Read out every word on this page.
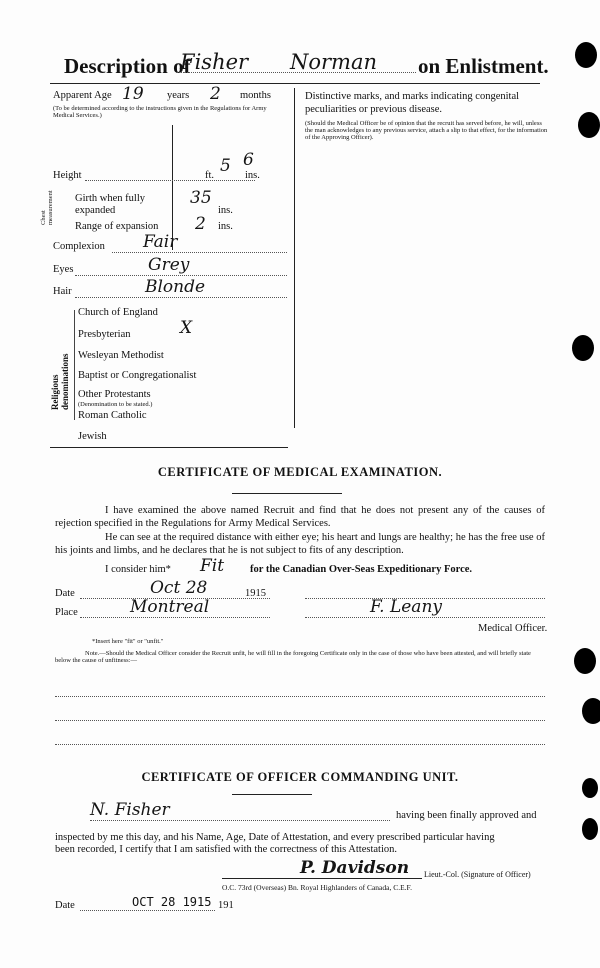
Description of
Fisher Norman on Enlistment.
Apparent Age 19 years 2 months
(To be determined according to the instructions given in the Regulations for Army Medical Services.)
Distinctive marks, and marks indicating congenital peculiarities or previous disease.
(Should the Medical Officer be of opinion that the recruit has served before, he will, unless the man acknowledges to any previous service, attach a slip to that effect, for the information of the Approving Officer).
Height	5
ft.
6
ins.
Chest measurement Girth when fully expanded
35
ins.
Range of expansion 2 ins.
Complexion Fair
Eyes	Grey
Hair	Blonde
Religious denominations
Church of England
Presbyterian	X
Wesleyan Methodist
Baptist or Congregationalist
Other Protestants
(Denomination to be stated.)
Roman Catholic
Jewish
CERTIFICATE OF MEDICAL EXAMINATION.
I have examined the above named Recruit and find that he does not present any of the causes of rejection specified in the Regulations for Army Medical Services.
He can see at the required distance with either eye; his heart and lungs are healthy; he has the free use of his joints and limbs, and he declares that he is not subject to fits of any description.
I consider him* Fit for the Canadian Over-Seas Expeditionary Force.
Date	Oct 28	1915
Place	Montreal	F. Leany
Medical Officer.
*Insert here "fit" or "unfit."
Note.—Should the Medical Officer consider the Recruit unfit, he will fill in the foregoing Certificate only in the case of those who have been attested, and will briefly state below the cause of unfitness:—
CERTIFICATE OF OFFICER COMMANDING UNIT.
N. Fisher	having been finally approved and
inspected by me this day, and his Name, Age, Date of Attestation, and every prescribed particular having
been recorded, I certify that I am satisfied with the correctness of this Attestation.
P. Davidson Lieut.-Col. (Signature of Officer)
O.C. 73rd (Overseas) Bn. Royal Highlanders of Canada, C.E.F.
Date	OCT 28 1915 191
